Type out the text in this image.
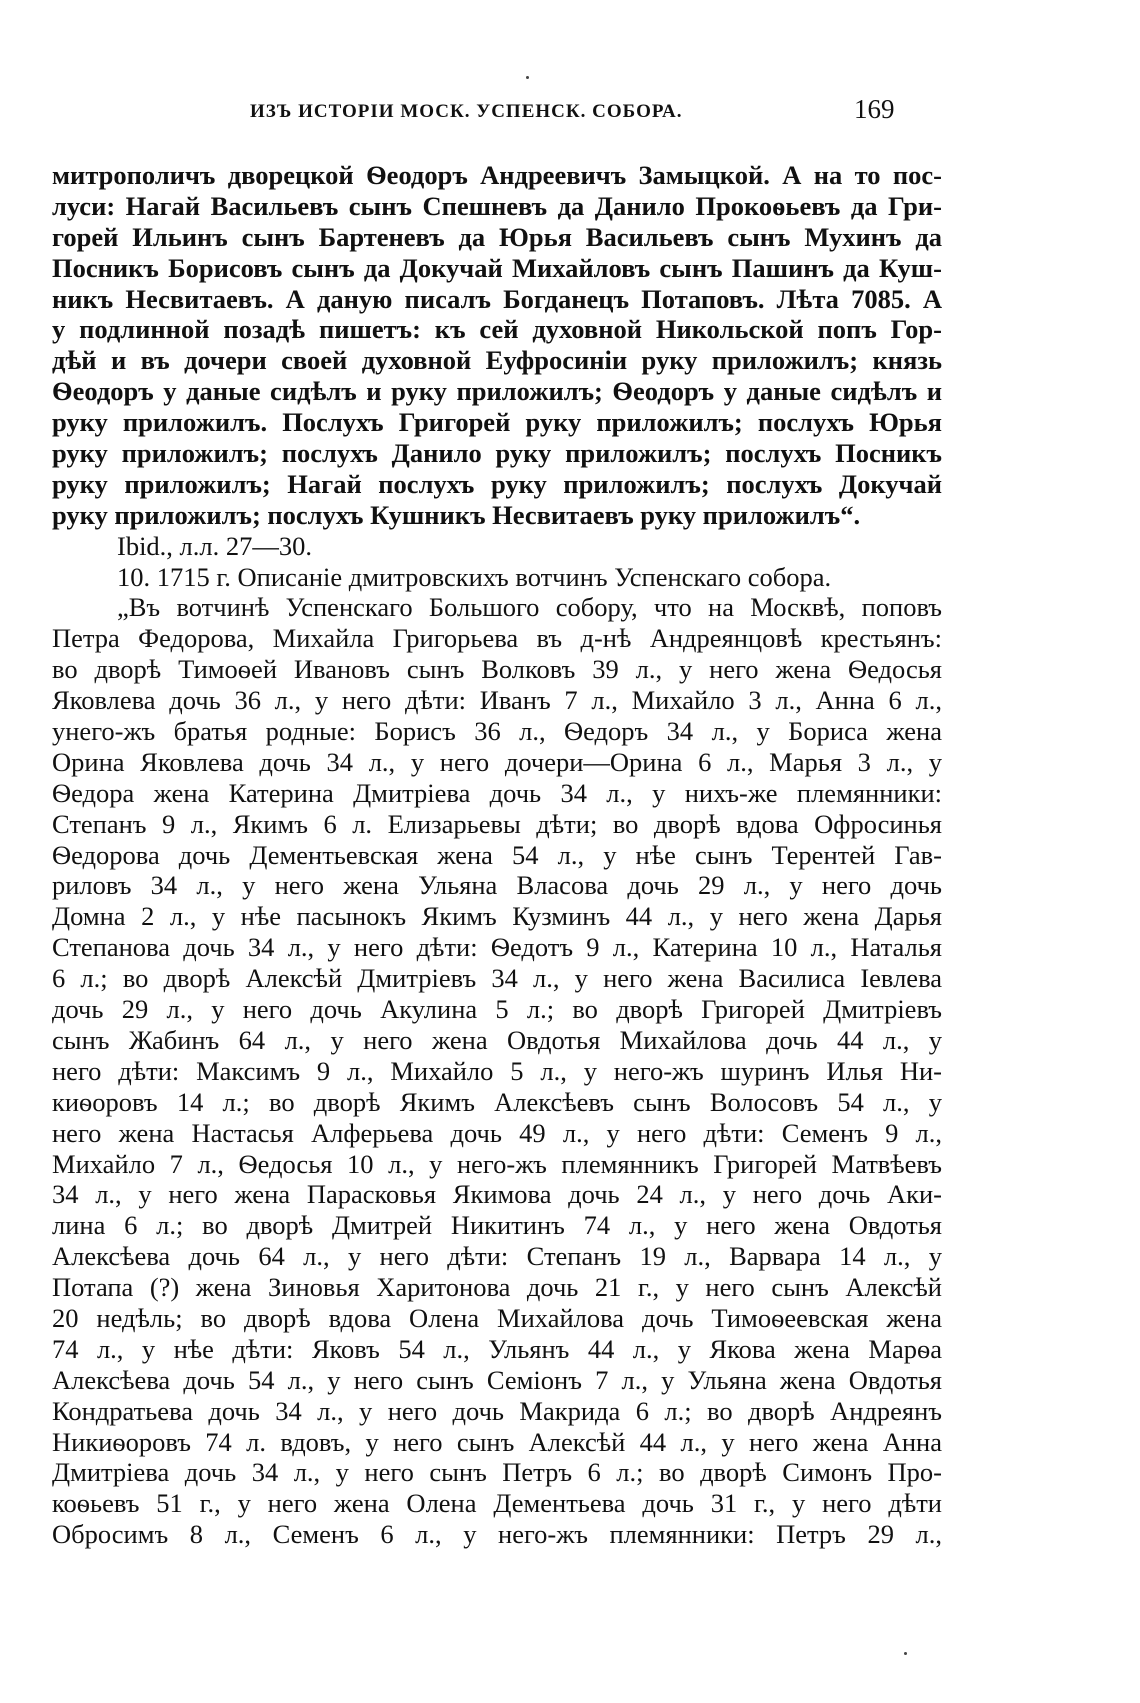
ИЗЪ ИСТОРІИ МОСК. УСПЕНСК. СОБОРА.	169
митрополичъ дворецкой Ѳеодоръ Андреевичъ Замыцкой. А на то пос-
луси: Нагай Васильевъ сынъ Спешневъ да Данило Прокоѳьевъ да Гри-
горей Ильинъ сынъ Бартеневъ да Юрья Васильевъ сынъ Мухинъ да
Посникъ Борисовъ сынъ да Докучай Михайловъ сынъ Пашинъ да Куш-
никъ Несвитаевъ. А даную писалъ Богданецъ Потаповъ. Лѣта 7085. А
у подлинной позадѣ пишетъ: къ сей духовной Никольской попъ Гор-
дѣй и въ дочери своей духовной Еуфросиніи руку приложилъ; князь
Ѳеодоръ у даные сидѣлъ и руку приложилъ; Ѳеодоръ у даные сидѣлъ и
руку приложилъ. Послухъ Григорей руку приложилъ; послухъ Юрья
руку приложилъ; послухъ Данило руку приложилъ; послухъ Посникъ
руку приложилъ; Нагай послухъ руку приложилъ; послухъ Докучай
руку приложилъ; послухъ Кушникъ Несвитаевъ руку приложилъ“.
Ibid., л.л. 27—30.
10. 1715 г. Описаніе дмитровскихъ вотчинъ Успенскаго собора.
„Въ вотчинѣ Успенскаго Большого собору, что на Москвѣ, поповъ
Петра Федорова, Михайла Григорьева въ д-нѣ Андреянцовѣ крестьянъ:
во дворѣ Тимоѳей Ивановъ сынъ Волковъ 39 л., у него жена Ѳедосья
Яковлева дочь 36 л., у него дѣти: Иванъ 7 л., Михайло 3 л., Анна 6 л.,
унего-жъ братья родные: Борисъ 36 л., Ѳедоръ 34 л., у Бориса жена
Орина Яковлева дочь 34 л., у него дочери—Орина 6 л., Марья 3 л., у
Ѳедора жена Катерина Дмитріева дочь 34 л., у нихъ-же племянники:
Степанъ 9 л., Якимъ 6 л. Елизарьевы дѣти; во дворѣ вдова Офросинья
Ѳедорова дочь Дементьевская жена 54 л., у нѣе сынъ Терентей Гав-
риловъ 34 л., у него жена Ульяна Власова дочь 29 л., у него дочь
Домна 2 л., у нѣе пасынокъ Якимъ Кузминъ 44 л., у него жена Дарья
Степанова дочь 34 л., у него дѣти: Ѳедотъ 9 л., Катерина 10 л., Наталья
6 л.; во дворѣ Алексѣй Дмитріевъ 34 л., у него жена Василиса Іевлева
дочь 29 л., у него дочь Акулина 5 л.; во дворѣ Григорей Дмитріевъ
сынъ Жабинъ 64 л., у него жена Овдотья Михайлова дочь 44 л., у
него дѣти: Максимъ 9 л., Михайло 5 л., у него-жъ шуринъ Илья Ни-
киѳоровъ 14 л.; во дворѣ Якимъ Алексѣевъ сынъ Волосовъ 54 л., у
него жена Настасья Алферьева дочь 49 л., у него дѣти: Семенъ 9 л.,
Михайло 7 л., Ѳедосья 10 л., у него-жъ племянникъ Григорей Матвѣевъ
34 л., у него жена Парасковья Якимова дочь 24 л., у него дочь Аки-
лина 6 л.; во дворѣ Дмитрей Никитинъ 74 л., у него жена Овдотья
Алексѣева дочь 64 л., у него дѣти: Степанъ 19 л., Варвара 14 л., у
Потапа (?) жена Зиновья Харитонова дочь 21 г., у него сынъ Алексѣй
20 недѣль; во дворѣ вдова Олена Михайлова дочь Тимоѳеевская жена
74 л., у нѣе дѣти: Яковъ 54 л., Ульянъ 44 л., у Якова жена Марѳа
Алексѣева дочь 54 л., у него сынъ Семіонъ 7 л., у Ульяна жена Овдотья
Кондратьева дочь 34 л., у него дочь Макрида 6 л.; во дворѣ Андреянъ
Никиѳоровъ 74 л. вдовъ, у него сынъ Алексѣй 44 л., у него жена Анна
Дмитріева дочь 34 л., у него сынъ Петръ 6 л.; во дворѣ Симонъ Про-
коѳьевъ 51 г., у него жена Олена Дементьева дочь 31 г., у него дѣти
Обросимъ 8 л., Семенъ 6 л., у него-жъ племянники: Петръ 29 л.,
